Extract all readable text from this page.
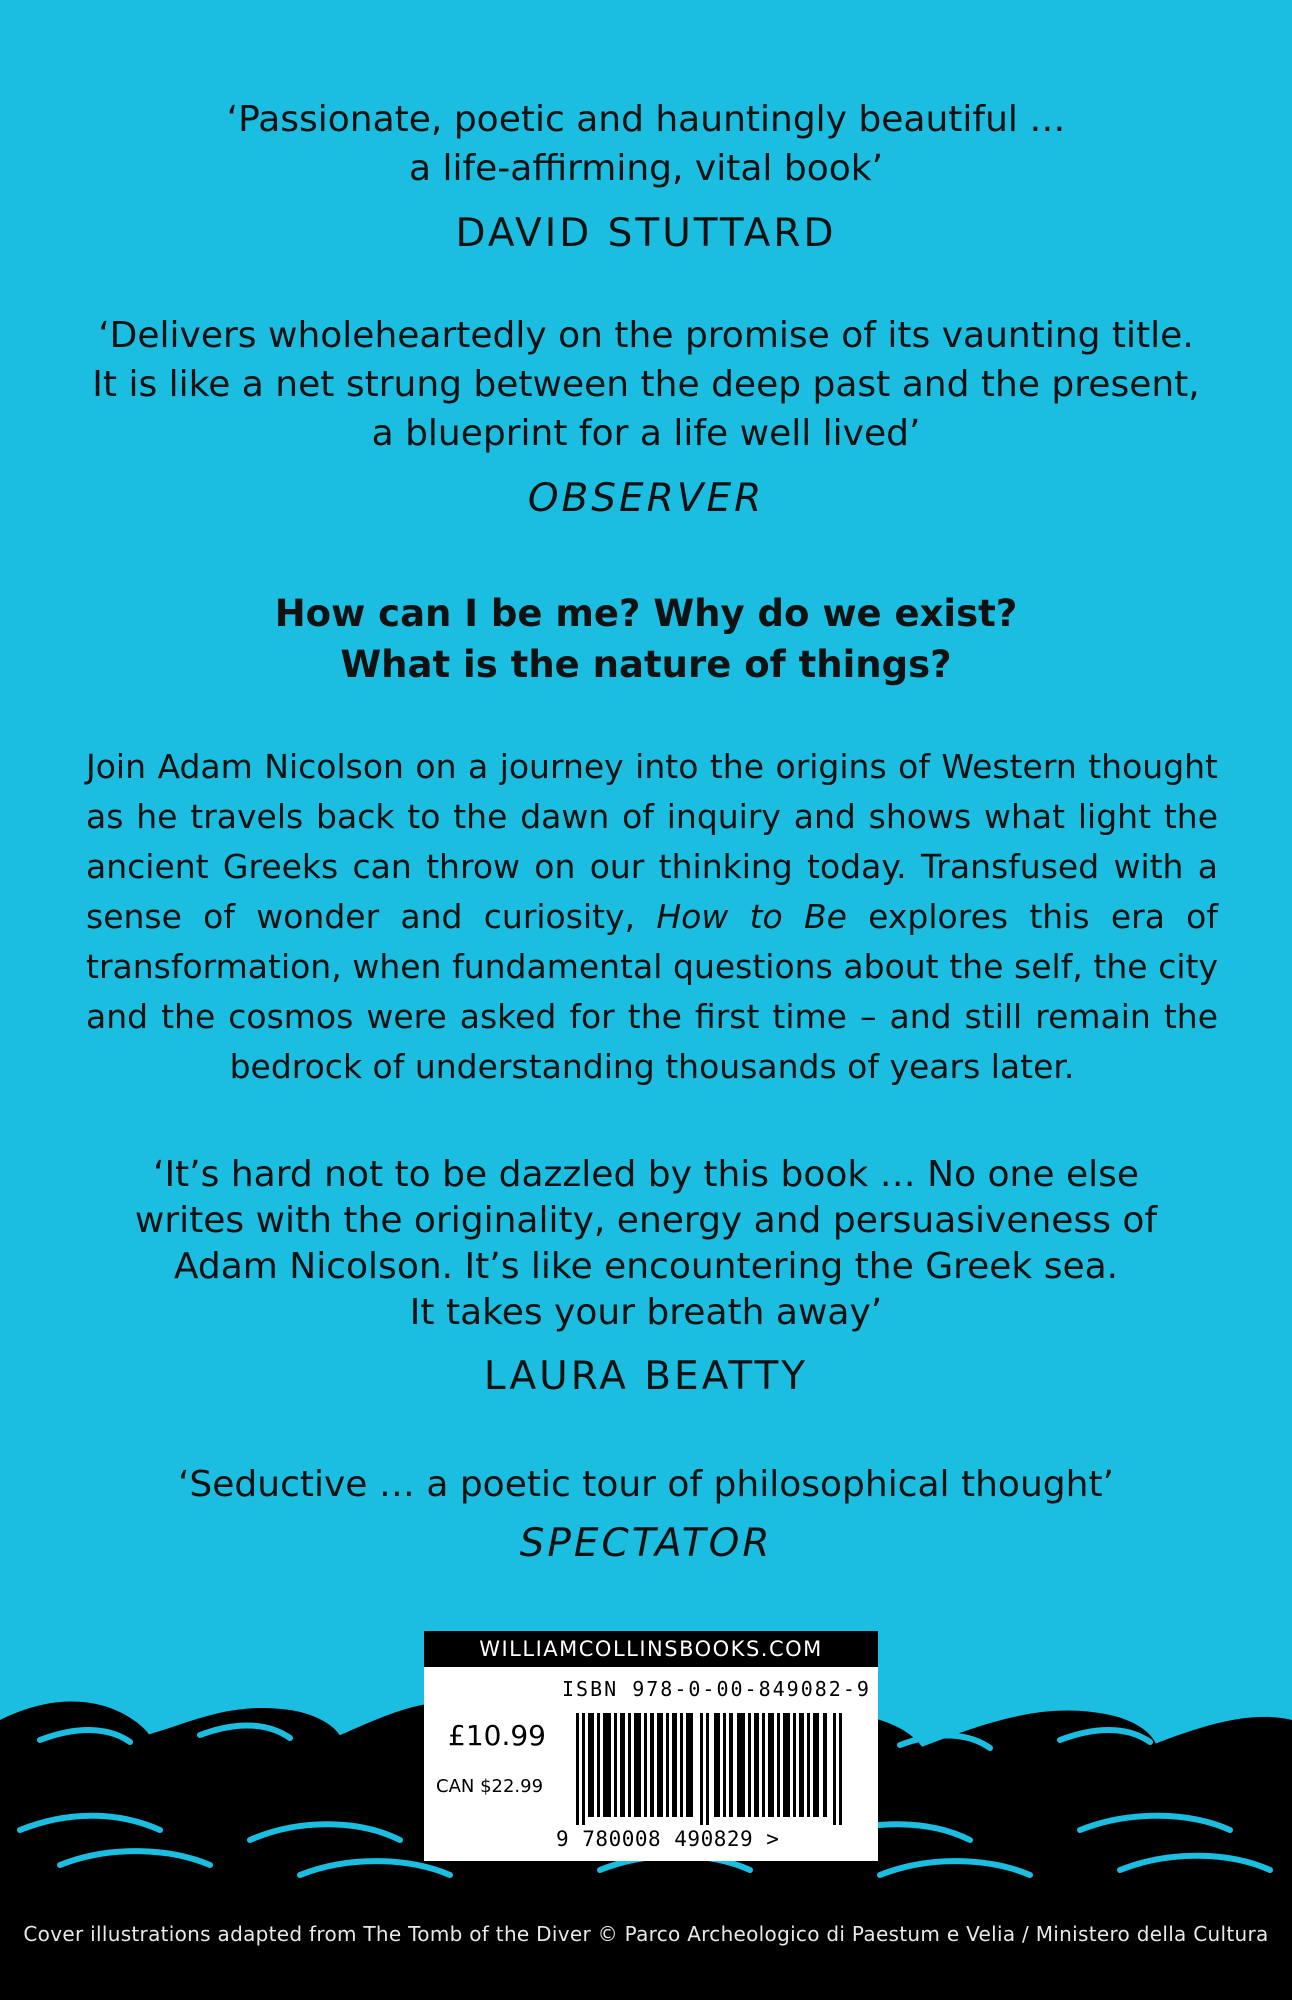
‘Passionate, poetic and hauntingly beautiful …
a life-affirming, vital book’
DAVID STUTTARD
‘Delivers wholeheartedly on the promise of its vaunting title.
It is like a net strung between the deep past and the present,
a blueprint for a life well lived’
OBSERVER
How can I be me? Why do we exist?
What is the nature of things?
Join Adam Nicolson on a journey into the origins of Western thought as he travels back to the dawn of inquiry and shows what light the ancient Greeks can throw on our thinking today. Transfused with a sense of wonder and curiosity, How to Be explores this era of transformation, when fundamental questions about the self, the city and the cosmos were asked for the first time – and still remain the bedrock of understanding thousands of years later.
‘It’s hard not to be dazzled by this book … No one else
writes with the originality, energy and persuasiveness of
Adam Nicolson. It’s like encountering the Greek sea.
It takes your breath away’
LAURA BEATTY
‘Seductive … a poetic tour of philosophical thought’
SPECTATOR
Cover illustrations adapted from The Tomb of the Diver © Parco Archeologico di Paestum e Velia / Ministero della Cultura
WILLIAMCOLLINSBOOKS.COM
ISBN 978-0-00-849082-9
£10.99
CAN $22.99
9 780008 490829 >
